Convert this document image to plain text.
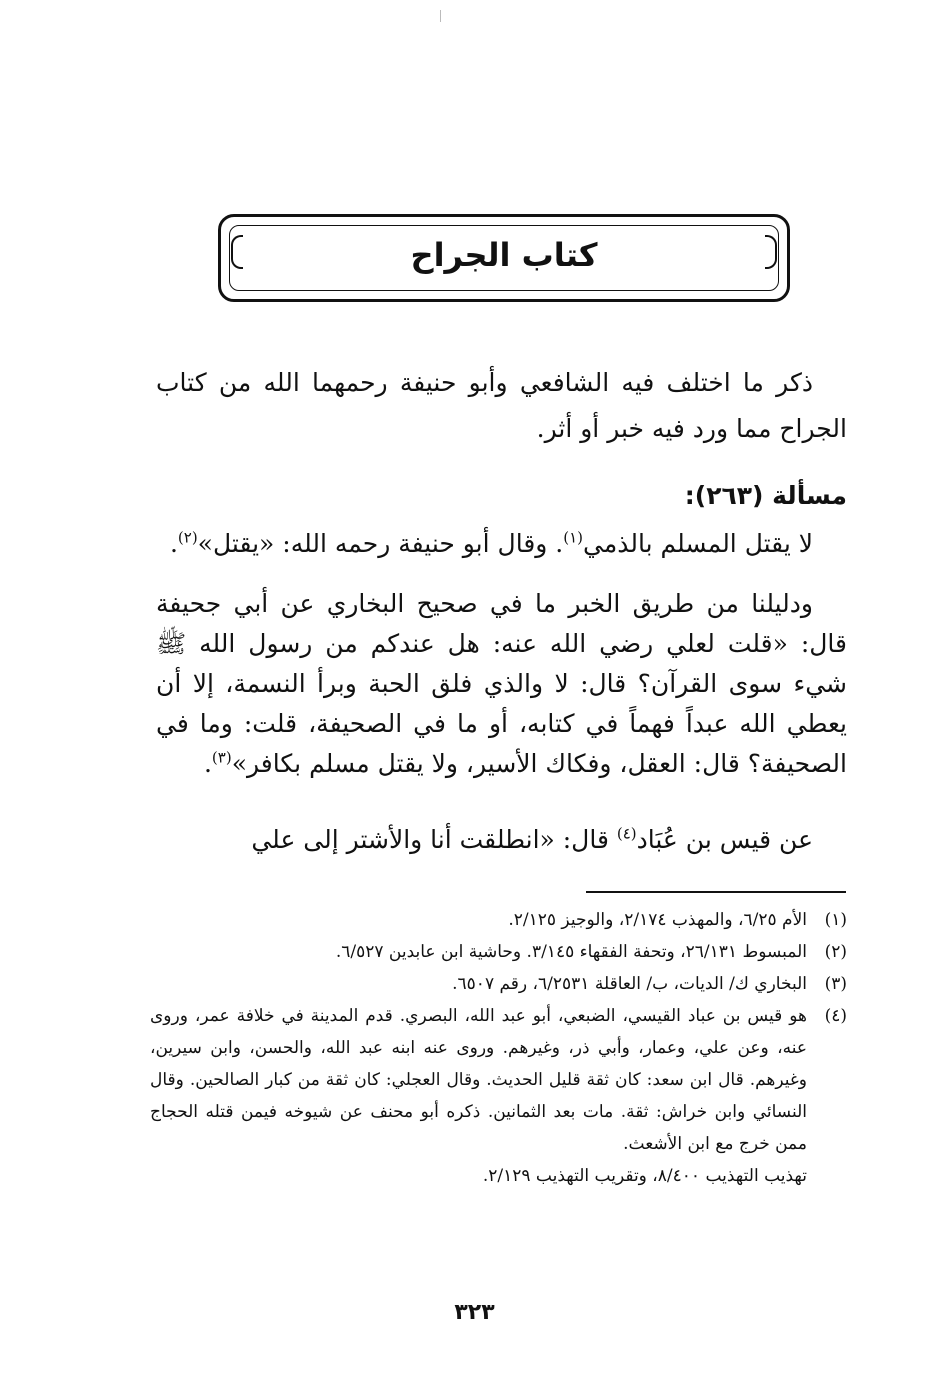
كتاب الجراح

ذكر ما اختلف فيه الشافعي وأبو حنيفة رحمهما الله من كتاب الجراح مما ورد فيه خبر أو أثر.

مسألة (٢٦٣):

لا يقتل المسلم بالذمي$^{(١)}$. وقال أبو حنيفة رحمه الله: «يقتل»$^{(٢)}$.

ودليلنا من طريق الخبر ما في صحيح البخاري عن أبي جحيفة قال: «قلت لعلي رضي الله عنه: هل عندكم من رسول الله ﷺ شيء سوى القرآن؟ قال: لا والذي فلق الحبة وبرأ النسمة، إلا أن يعطي الله عبداً فهماً في كتابه، أو ما في الصحيفة، قلت: وما في الصحيفة؟ قال: العقل، وفكاك الأسير، ولا يقتل مسلم بكافر»$^{(٣)}$.

عن قيس بن عُبَاد$^{(٤)}$ قال: «انطلقت أنا والأشتر إلى علي

(١)

الأم ٦/٢٥، والمهذب ٢/١٧٤، والوجيز ٢/١٢٥.

(٢)

المبسوط ٢٦/١٣١، وتحفة الفقهاء ٣/١٤٥. وحاشية ابن عابدين ٦/٥٢٧.

(٣)

البخاري ك/ الديات، ب/ العاقلة ٦/٢٥٣١، رقم ٦٥٠٧.

(٤)

هو قيس بن عباد القيسي، الضبعي، أبو عبد الله، البصري. قدم المدينة في خلافة عمر، وروى عنه، وعن علي، وعمار، وأبي ذر، وغيرهم. وروى عنه ابنه عبد الله، والحسن، وابن سيرين، وغيرهم. قال ابن سعد: كان ثقة قليل الحديث. وقال العجلي: كان ثقة من كبار الصالحين. وقال النسائي وابن خراش: ثقة. مات بعد الثمانين. ذكره أبو محنف عن شيوخه فيمن قتله الحجاج ممن خرج مع ابن الأشعث.

تهذيب التهذيب ٨/٤٠٠، وتقريب التهذيب ٢/١٢٩.

٣٢٣
